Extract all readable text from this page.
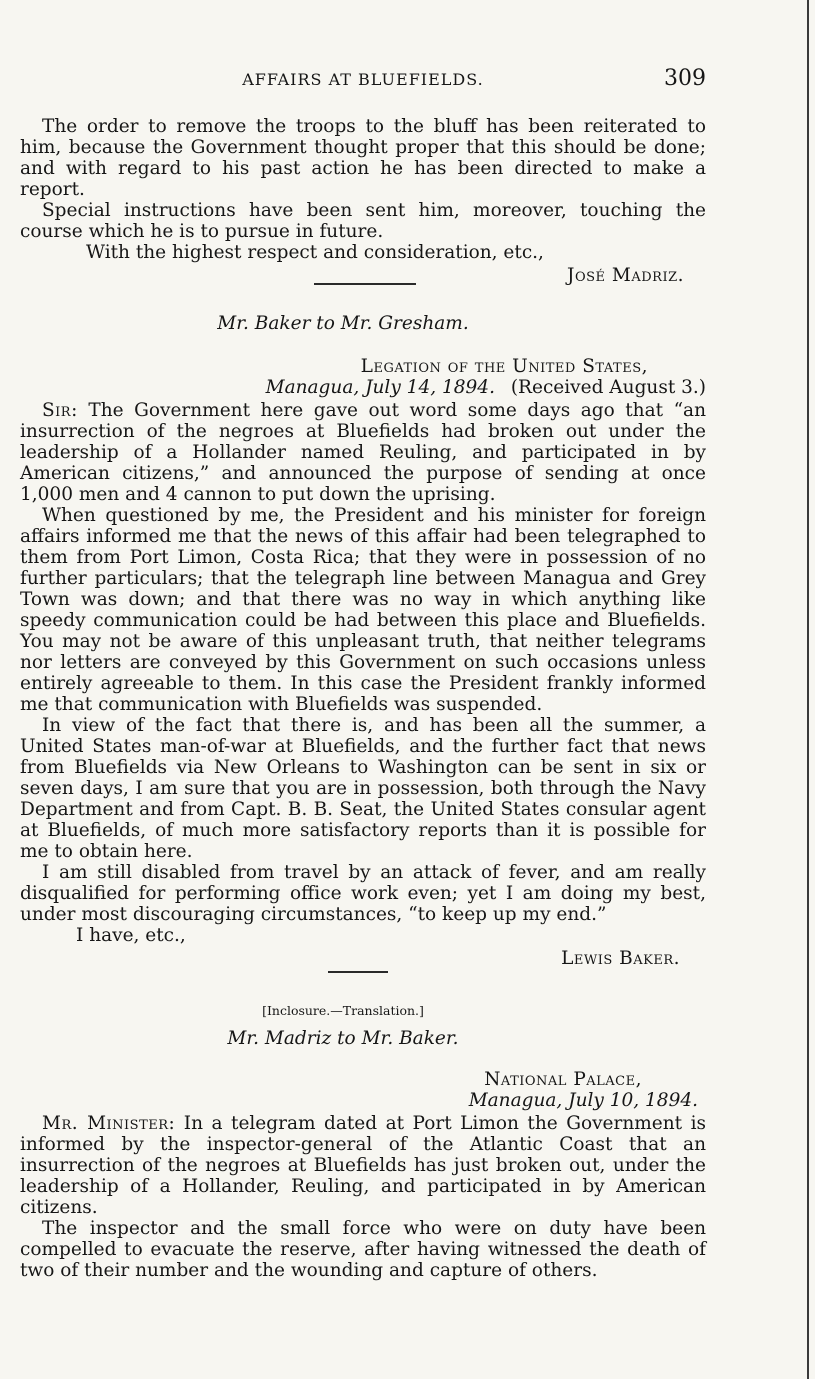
AFFAIRS AT BLUEFIELDS.	309

The order to remove the troops to the bluff has been reiterated to him, because the Government thought proper that this should be done; and with regard to his past action he has been directed to make a report.

Special instructions have been sent him, moreover, touching the course which he is to pursue in future.

With the highest respect and consideration, etc.,

José Madriz.

Mr. Baker to Mr. Gresham.

Legation of the United States,

Managua, July 14, 1894. (Received August 3.)

Sir: The Government here gave out word some days ago that “an insurrection of the negroes at Bluefields had broken out under the leadership of a Hollander named Reuling, and participated in by American citizens,” and announced the purpose of sending at once 1,000 men and 4 cannon to put down the uprising.

When questioned by me, the President and his minister for foreign affairs informed me that the news of this affair had been telegraphed to them from Port Limon, Costa Rica; that they were in possession of no further particulars; that the telegraph line between Managua and Grey Town was down; and that there was no way in which anything like speedy communication could be had between this place and Bluefields. You may not be aware of this unpleasant truth, that neither telegrams nor letters are conveyed by this Government on such occasions unless entirely agreeable to them. In this case the President frankly informed me that communication with Bluefields was suspended.

In view of the fact that there is, and has been all the summer, a United States man-of-war at Bluefields, and the further fact that news from Bluefields via New Orleans to Washington can be sent in six or seven days, I am sure that you are in possession, both through the Navy Department and from Capt. B. B. Seat, the United States consular agent at Bluefields, of much more satisfactory reports than it is possible for me to obtain here.

I am still disabled from travel by an attack of fever, and am really disqualified for performing office work even; yet I am doing my best, under most discouraging circumstances, “to keep up my end.”

I have, etc.,

Lewis Baker.

[Inclosure.—Translation.]

Mr. Madriz to Mr. Baker.

National Palace,

Managua, July 10, 1894.

Mr. Minister: In a telegram dated at Port Limon the Government is informed by the inspector-general of the Atlantic Coast that an insurrection of the negroes at Bluefields has just broken out, under the leadership of a Hollander, Reuling, and participated in by American citizens.

The inspector and the small force who were on duty have been compelled to evacuate the reserve, after having witnessed the death of two of their number and the wounding and capture of others.
